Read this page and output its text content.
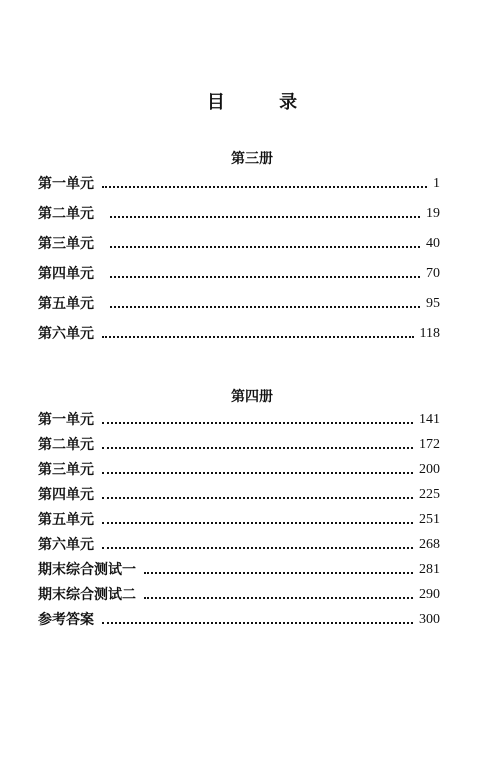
目 录
第三册
第一单元	1
第二单元	19
第三单元	40
第四单元	70
第五单元	95
第六单元	118
第四册
第一单元	141
第二单元	172
第三单元	200
第四单元	225
第五单元	251
第六单元	268
期末综合测试一	281
期末综合测试二	290
参考答案	300
